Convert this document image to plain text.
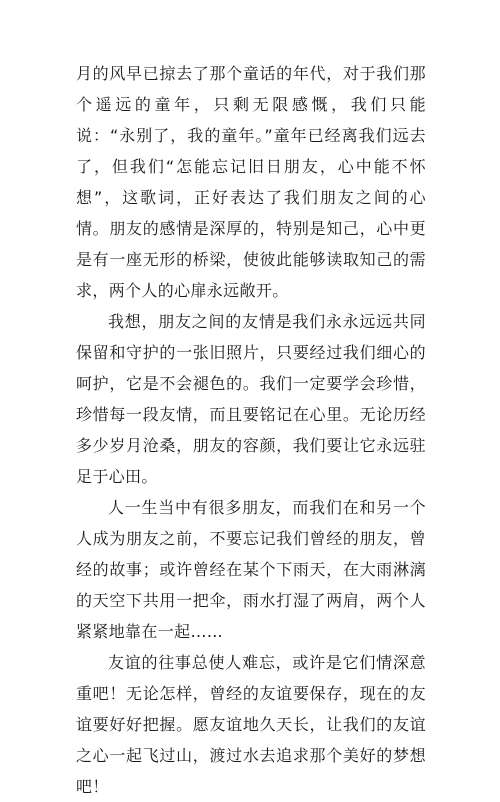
月的风早已掠去了那个童话的年代，对于我们那个遥远的童年，只剩无限感慨，我们只能说：“永别了，我的童年。”童年已经离我们远去了，但我们“怎能忘记旧日朋友，心中能不怀想”，这歌词，正好表达了我们朋友之间的心情。朋友的感情是深厚的，特别是知己，心中更是有一座无形的桥梁，使彼此能够读取知己的需求，两个人的心扉永远敞开。

我想，朋友之间的友情是我们永永远远共同保留和守护的一张旧照片，只要经过我们细心的呵护，它是不会褪色的。我们一定要学会珍惜，珍惜每一段友情，而且要铭记在心里。无论历经多少岁月沧桑，朋友的容颜，我们要让它永远驻足于心田。

人一生当中有很多朋友，而我们在和另一个人成为朋友之前，不要忘记我们曾经的朋友，曾经的故事；或许曾经在某个下雨天，在大雨淋漓的天空下共用一把伞，雨水打湿了两肩，两个人紧紧地靠在一起……

友谊的往事总使人难忘，或许是它们情深意重吧！无论怎样，曾经的友谊要保存，现在的友谊要好好把握。愿友谊地久天长，让我们的友谊之心一起飞过山，渡过水去追求那个美好的梦想吧！
